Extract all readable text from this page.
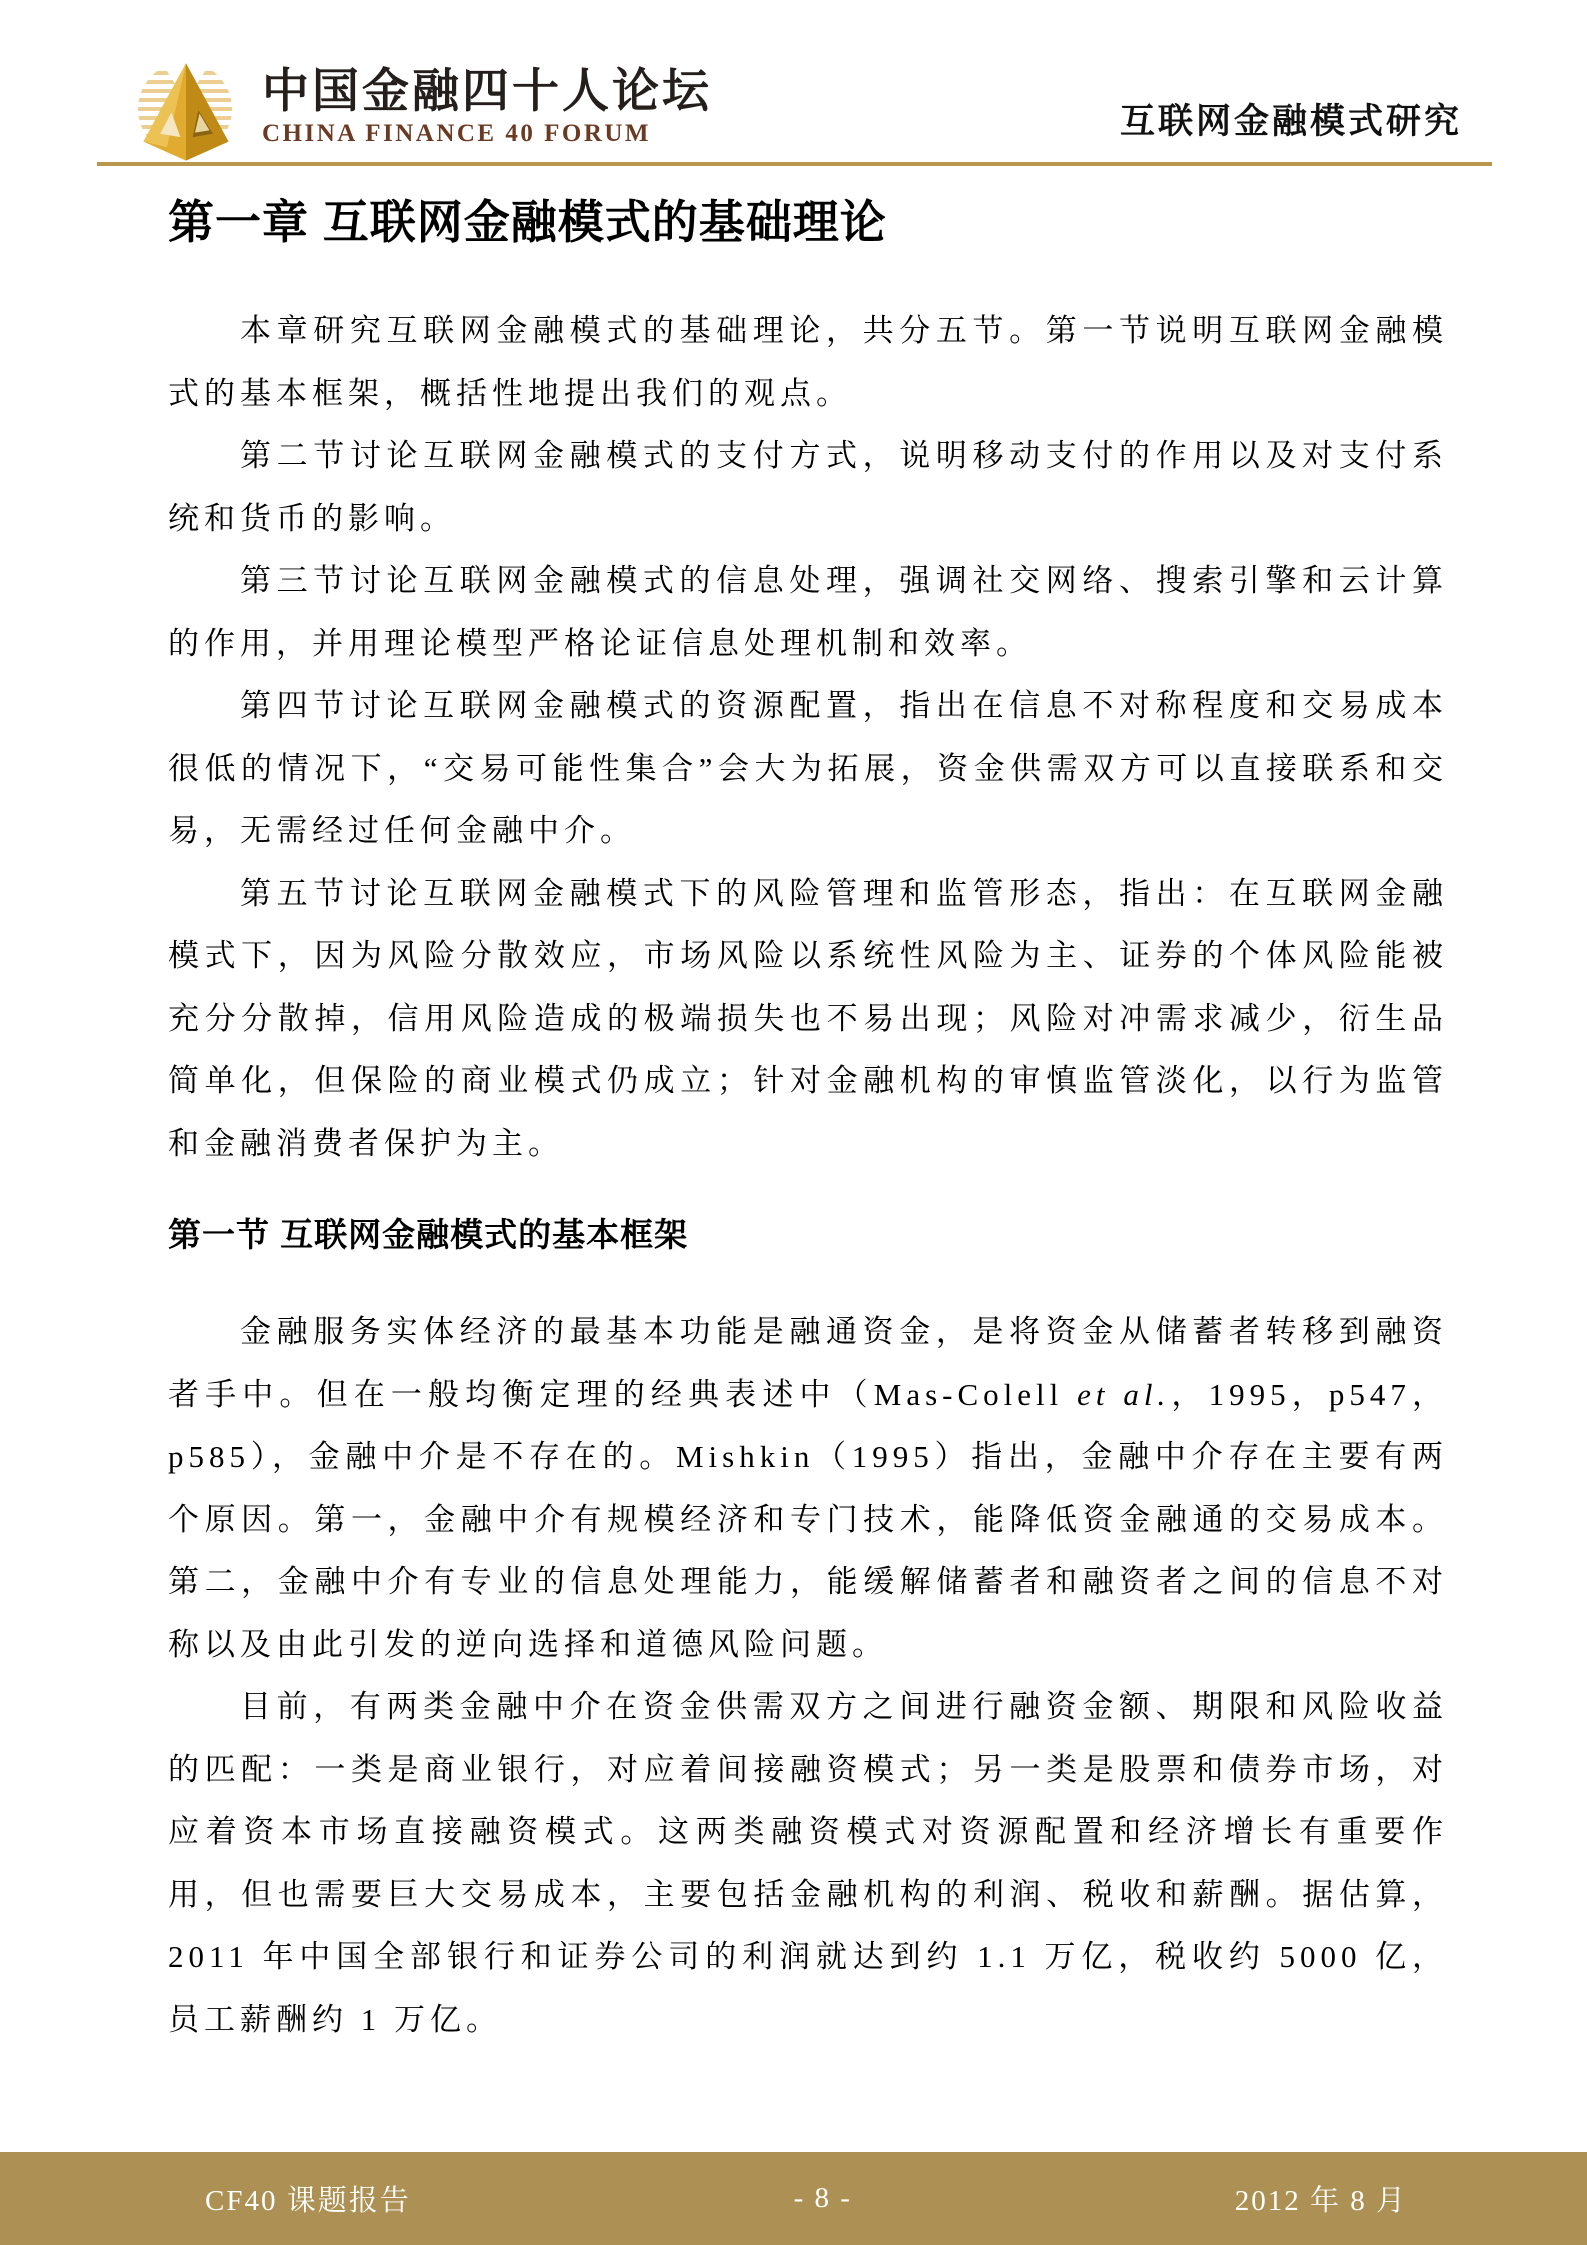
中国金融四十人论坛
CHINA FINANCE 40 FORUM	互联网金融模式研究
第一章 互联网金融模式的基础理论

本章研究互联网金融模式的基础理论，共分五节。第一节说明互联网金融模式的基本框架，概括性地提出我们的观点。

第二节讨论互联网金融模式的支付方式，说明移动支付的作用以及对支付系统和货币的影响。

第三节讨论互联网金融模式的信息处理，强调社交网络、搜索引擎和云计算的作用，并用理论模型严格论证信息处理机制和效率。

第四节讨论互联网金融模式的资源配置，指出在信息不对称程度和交易成本很低的情况下，“交易可能性集合”会大为拓展，资金供需双方可以直接联系和交易，无需经过任何金融中介。

第五节讨论互联网金融模式下的风险管理和监管形态，指出：在互联网金融模式下，因为风险分散效应，市场风险以系统性风险为主、证券的个体风险能被充分分散掉，信用风险造成的极端损失也不易出现；风险对冲需求减少，衍生品简单化，但保险的商业模式仍成立；针对金融机构的审慎监管淡化，以行为监管和金融消费者保护为主。

第一节 互联网金融模式的基本框架

金融服务实体经济的最基本功能是融通资金，是将资金从储蓄者转移到融资者手中。但在一般均衡定理的经典表述中（Mas-Colell et al.，1995，p547，p585），金融中介是不存在的。Mishkin（1995）指出，金融中介存在主要有两个原因。第一，金融中介有规模经济和专门技术，能降低资金融通的交易成本。第二，金融中介有专业的信息处理能力，能缓解储蓄者和融资者之间的信息不对称以及由此引发的逆向选择和道德风险问题。

目前，有两类金融中介在资金供需双方之间进行融资金额、期限和风险收益的匹配：一类是商业银行，对应着间接融资模式；另一类是股票和债券市场，对应着资本市场直接融资模式。这两类融资模式对资源配置和经济增长有重要作用，但也需要巨大交易成本，主要包括金融机构的利润、税收和薪酬。据估算，2011 年中国全部银行和证券公司的利润就达到约 1.1 万亿，税收约 5000 亿，员工薪酬约 1 万亿。

CF40 课题报告	- 8 -	2012 年 8 月
